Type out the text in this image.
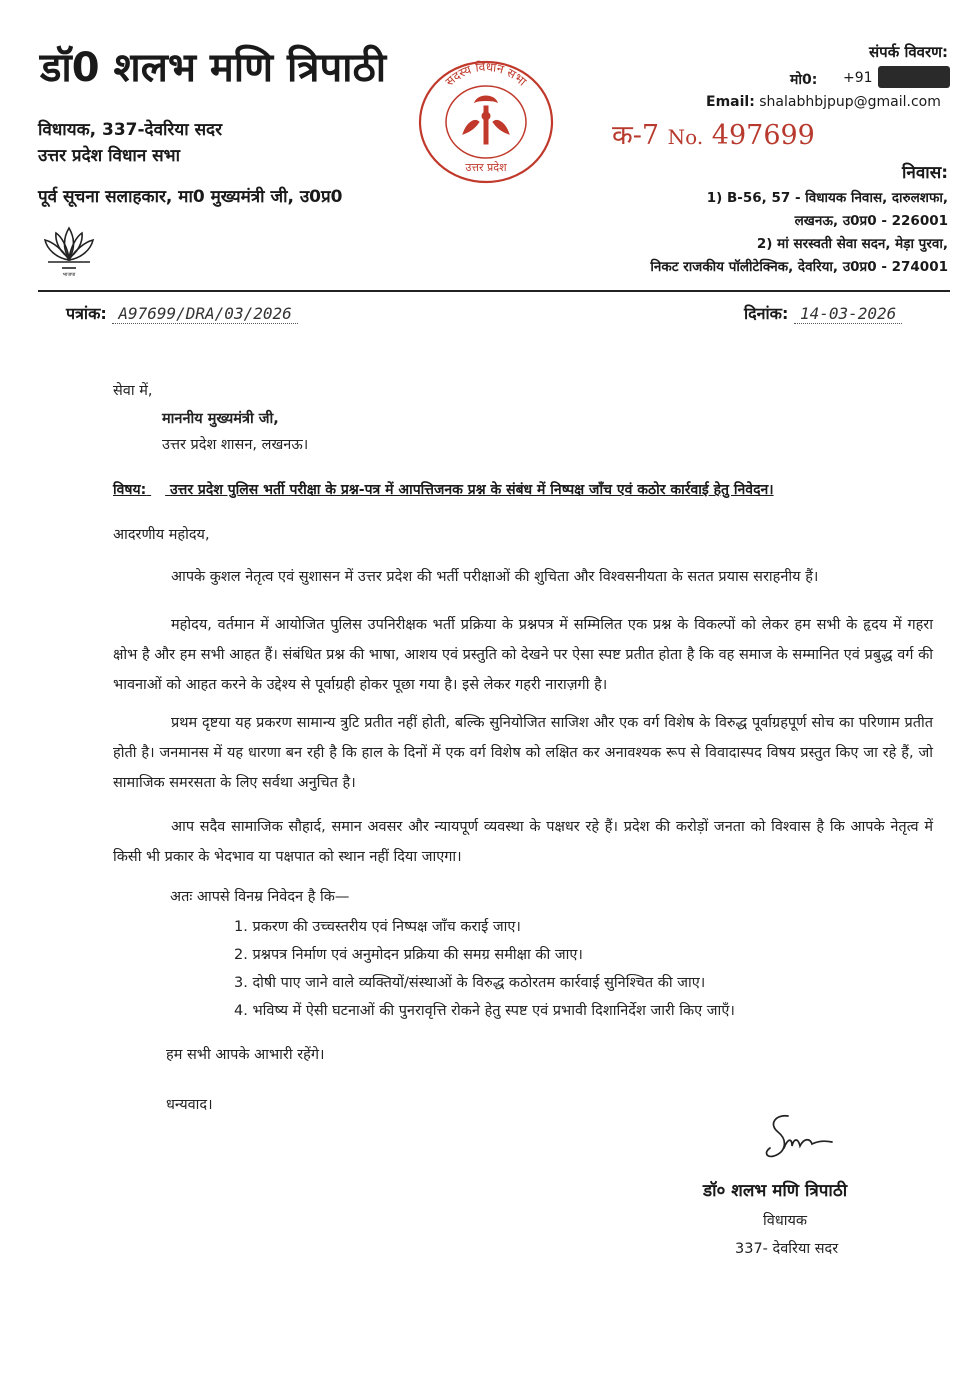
डॉ0 शलभ मणि त्रिपाठी
विधायक, 337-देवरिया सदर
उत्तर प्रदेश विधान सभा
पूर्व सूचना सलाहकार, मा0 मुख्यमंत्री जी, उ0प्र0
भाजपा
सदस्य विधान सभा
उत्तर प्रदेश
संपर्क विवरण:
मो0: +91
Email: shalabhbjpup@gmail.com
क-7 No. 497699
निवास:
1) B-56, 57 - विधायक निवास, दारुलशफा,
लखनऊ, उ0प्र0 - 226001
2) मां सरस्वती सेवा सदन, मेड़ा पुरवा,
निकट राजकीय पॉलीटेक्निक, देवरिया, उ0प्र0 - 274001
पत्रांक: A97699/DRA/03/2026	दिनांक: 14-03-2026
सेवा में,
माननीय मुख्यमंत्री जी,
उत्तर प्रदेश शासन, लखनऊ।
विषय: उत्तर प्रदेश पुलिस भर्ती परीक्षा के प्रश्न-पत्र में आपत्तिजनक प्रश्न के संबंध में निष्पक्ष जाँच एवं कठोर कार्रवाई हेतु निवेदन।
आदरणीय महोदय,
आपके कुशल नेतृत्व एवं सुशासन में उत्तर प्रदेश की भर्ती परीक्षाओं की शुचिता और विश्वसनीयता के सतत प्रयास सराहनीय हैं।
महोदय, वर्तमान में आयोजित पुलिस उपनिरीक्षक भर्ती प्रक्रिया के प्रश्नपत्र में सम्मिलित एक प्रश्न के विकल्पों को लेकर हम सभी के हृदय में गहरा क्षोभ है और हम सभी आहत हैं। संबंधित प्रश्न की भाषा, आशय एवं प्रस्तुति को देखने पर ऐसा स्पष्ट प्रतीत होता है कि वह समाज के सम्मानित एवं प्रबुद्ध वर्ग की भावनाओं को आहत करने के उद्देश्य से पूर्वाग्रही होकर पूछा गया है। इसे लेकर गहरी नाराज़गी है।
प्रथम दृष्टया यह प्रकरण सामान्य त्रुटि प्रतीत नहीं होती, बल्कि सुनियोजित साजिश और एक वर्ग विशेष के विरुद्ध पूर्वाग्रहपूर्ण सोच का परिणाम प्रतीत होती है। जनमानस में यह धारणा बन रही है कि हाल के दिनों में एक वर्ग विशेष को लक्षित कर अनावश्यक रूप से विवादास्पद विषय प्रस्तुत किए जा रहे हैं, जो सामाजिक समरसता के लिए सर्वथा अनुचित है।
आप सदैव सामाजिक सौहार्द, समान अवसर और न्यायपूर्ण व्यवस्था के पक्षधर रहे हैं। प्रदेश की करोड़ों जनता को विश्वास है कि आपके नेतृत्व में किसी भी प्रकार के भेदभाव या पक्षपात को स्थान नहीं दिया जाएगा।
अतः आपसे विनम्र निवेदन है कि—
1. प्रकरण की उच्चस्तरीय एवं निष्पक्ष जाँच कराई जाए।
2. प्रश्नपत्र निर्माण एवं अनुमोदन प्रक्रिया की समग्र समीक्षा की जाए।
3. दोषी पाए जाने वाले व्यक्तियों/संस्थाओं के विरुद्ध कठोरतम कार्रवाई सुनिश्चित की जाए।
4. भविष्य में ऐसी घटनाओं की पुनरावृत्ति रोकने हेतु स्पष्ट एवं प्रभावी दिशानिर्देश जारी किए जाएँ।
हम सभी आपके आभारी रहेंगे।
धन्यवाद।
डॉ० शलभ मणि त्रिपाठी
विधायक
337- देवरिया सदर
